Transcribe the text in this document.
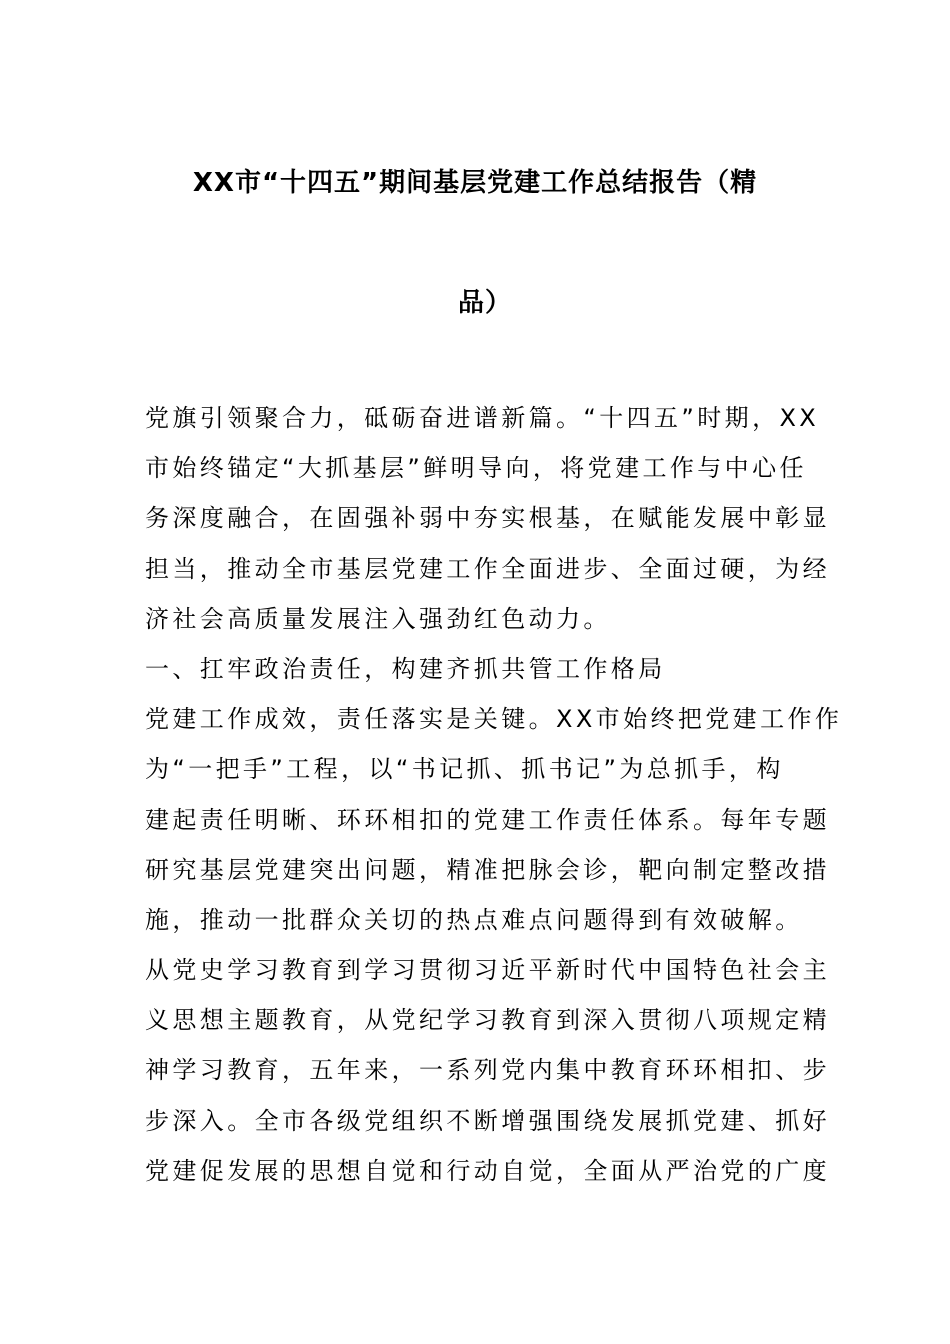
XX市“十四五”期间基层党建工作总结报告（精
品）
党旗引领聚合力，砥砺奋进谱新篇。“十四五”时期，XX
市始终锚定“大抓基层”鲜明导向，将党建工作与中心任
务深度融合，在固强补弱中夯实根基，在赋能发展中彰显
担当，推动全市基层党建工作全面进步、全面过硬，为经
济社会高质量发展注入强劲红色动力。
一、扛牢政治责任，构建齐抓共管工作格局
党建工作成效，责任落实是关键。XX市始终把党建工作作
为“一把手”工程，以“书记抓、抓书记”为总抓手，构
建起责任明晰、环环相扣的党建工作责任体系。每年专题
研究基层党建突出问题，精准把脉会诊，靶向制定整改措
施，推动一批群众关切的热点难点问题得到有效破解。
从党史学习教育到学习贯彻习近平新时代中国特色社会主
义思想主题教育，从党纪学习教育到深入贯彻八项规定精
神学习教育，五年来，一系列党内集中教育环环相扣、步
步深入。全市各级党组织不断增强围绕发展抓党建、抓好
党建促发展的思想自觉和行动自觉，全面从严治党的广度
